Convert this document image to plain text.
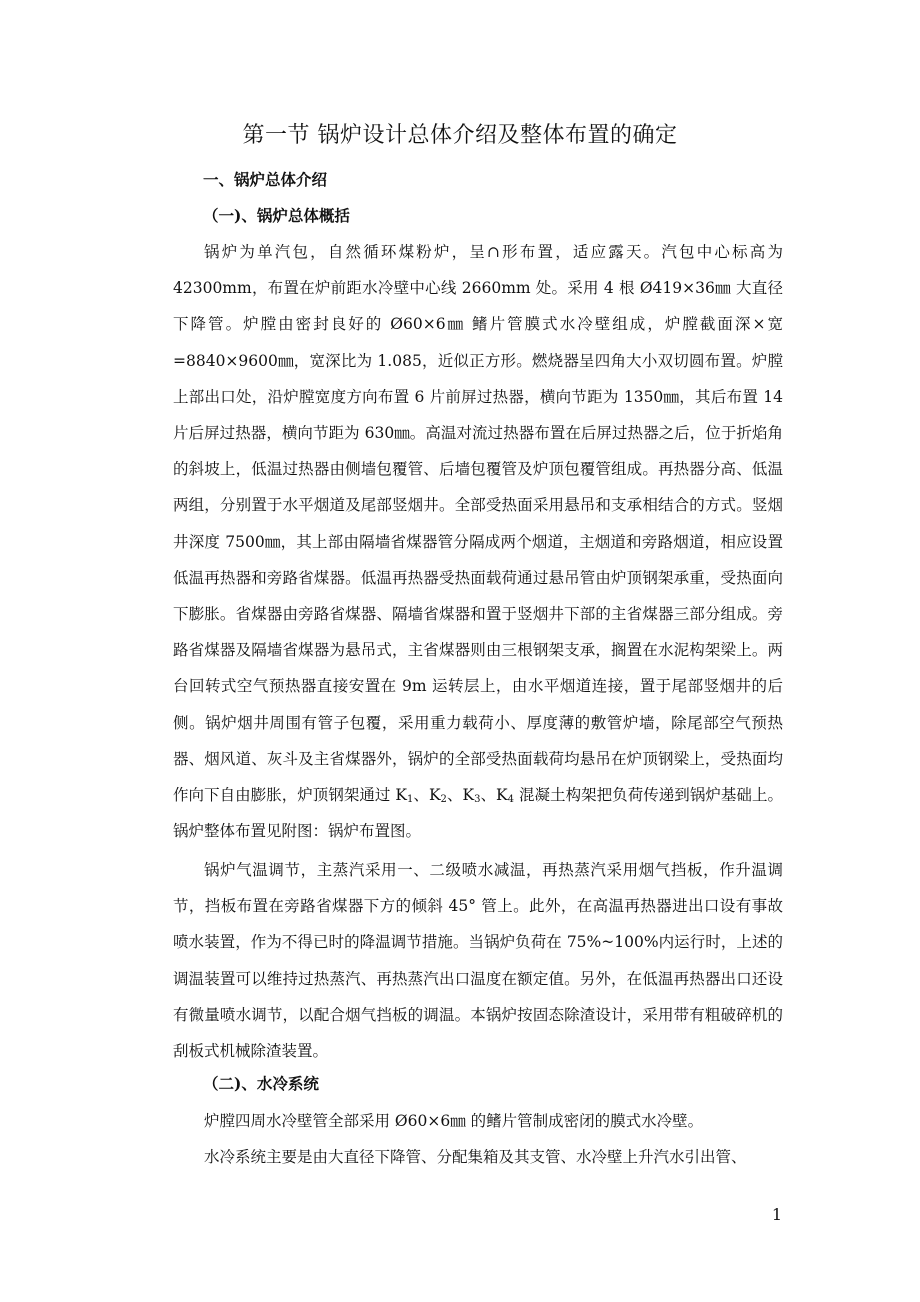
第一节 锅炉设计总体介绍及整体布置的确定
一、锅炉总体介绍
（一)、锅炉总体概括

锅炉为单汽包，自然循环煤粉炉，呈∩形布置，适应露天。汽包中心标高为 42300mm，布置在炉前距水冷壁中心线 2660mm 处。采用 4 根 Ø419×36㎜ 大直径下降管。炉膛由密封良好的 Ø60×6㎜ 鳍片管膜式水冷壁组成，炉膛截面深×宽=8840×9600㎜，宽深比为 1.085，近似正方形。燃烧器呈四角大小双切圆布置。炉膛上部出口处，沿炉膛宽度方向布置 6 片前屏过热器，横向节距为 1350㎜，其后布置 14 片后屏过热器，横向节距为 630㎜。高温对流过热器布置在后屏过热器之后，位于折焰角的斜坡上，低温过热器由侧墙包覆管、后墙包覆管及炉顶包覆管组成。再热器分高、低温两组，分别置于水平烟道及尾部竖烟井。全部受热面采用悬吊和支承相结合的方式。竖烟井深度 7500㎜，其上部由隔墙省煤器管分隔成两个烟道，主烟道和旁路烟道，相应设置低温再热器和旁路省煤器。低温再热器受热面载荷通过悬吊管由炉顶钢架承重，受热面向下膨胀。省煤器由旁路省煤器、隔墙省煤器和置于竖烟井下部的主省煤器三部分组成。旁路省煤器及隔墙省煤器为悬吊式，主省煤器则由三根钢架支承，搁置在水泥构架梁上。两台回转式空气预热器直接安置在 9m 运转层上，由水平烟道连接，置于尾部竖烟井的后侧。锅炉烟井周围有管子包覆，采用重力载荷小、厚度薄的敷管炉墙，除尾部空气预热器、烟风道、灰斗及主省煤器外，锅炉的全部受热面载荷均悬吊在炉顶钢梁上，受热面均作向下自由膨胀，炉顶钢架通过 $K_1$、$K_2$、$K_3$、$K_4$ 混凝土构架把负荷传递到锅炉基础上。锅炉整体布置见附图：锅炉布置图。

锅炉气温调节，主蒸汽采用一、二级喷水减温，再热蒸汽采用烟气挡板，作升温调节，挡板布置在旁路省煤器下方的倾斜 45° 管上。此外，在高温再热器进出口设有事故喷水装置，作为不得已时的降温调节措施。当锅炉负荷在 75%~100%内运行时，上述的调温装置可以维持过热蒸汽、再热蒸汽出口温度在额定值。另外，在低温再热器出口还设有微量喷水调节，以配合烟气挡板的调温。本锅炉按固态除渣设计，采用带有粗破碎机的刮板式机械除渣装置。

（二)、水冷系统

炉膛四周水冷壁管全部采用 Ø60×6㎜ 的鳍片管制成密闭的膜式水冷壁。

水冷系统主要是由大直径下降管、分配集箱及其支管、水冷壁上升汽水引出管、

1
